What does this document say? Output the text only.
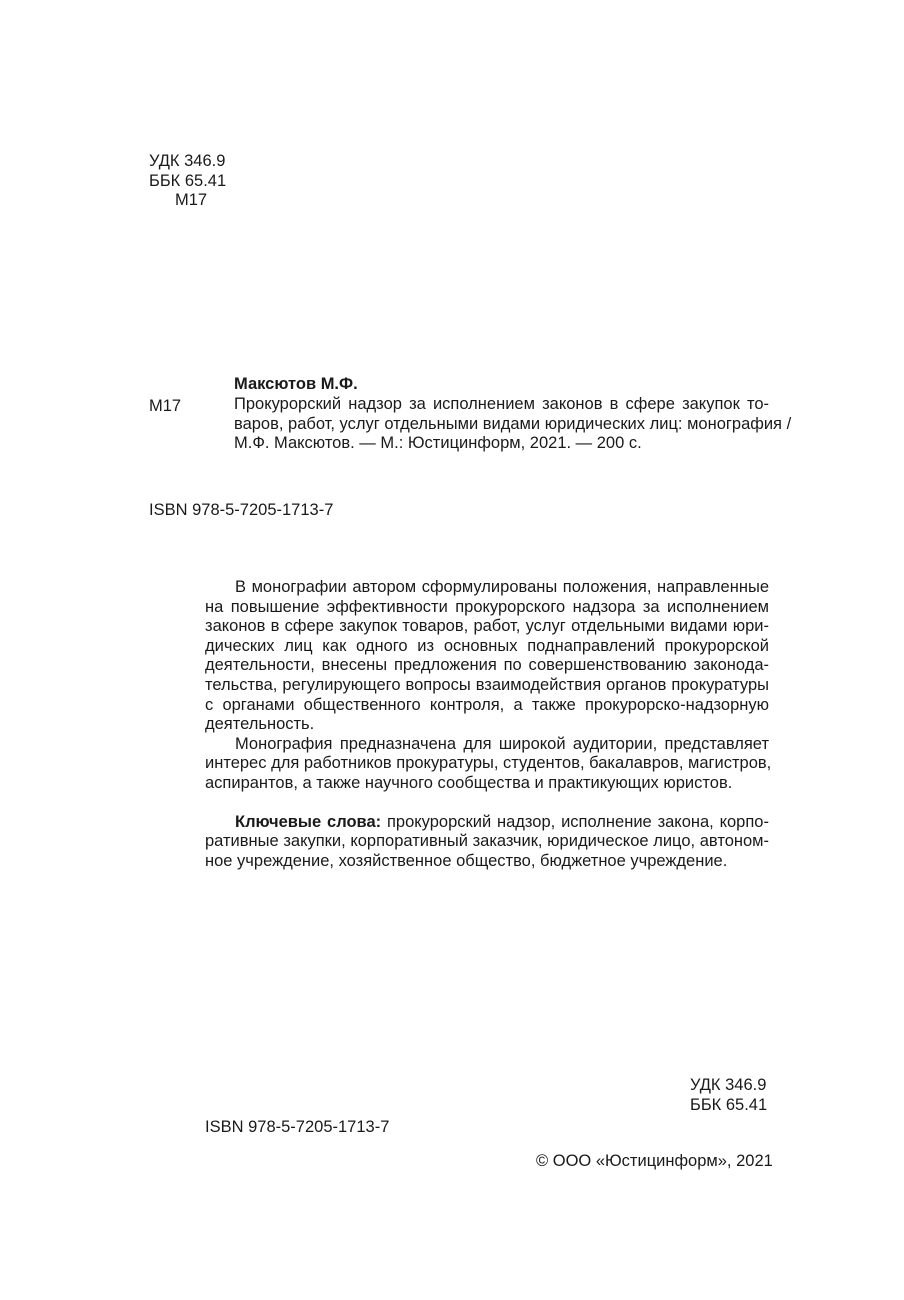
УДК 346.9
ББК 65.41
М17
Максютов М.Ф.
М17	Прокурорский надзор за исполнением законов в сфере закупок то-
варов, работ, услуг отдельными видами юридических лиц: монография /
М.Ф. Максютов. — М.: Юстицинформ, 2021. — 200 с.
ISBN 978-5-7205-1713-7
В монографии автором сформулированы положения, направленные
на повышение эффективности прокурорского надзора за исполнением
законов в сфере закупок товаров, работ, услуг отдельными видами юри-
дических лиц как одного из основных поднаправлений прокурорской
деятельности, внесены предложения по совершенствованию законода-
тельства, регулирующего вопросы взаимодействия органов прокуратуры
с органами общественного контроля, а также прокурорско-надзорную
деятельность.
Монография предназначена для широкой аудитории, представляет
интерес для работников прокуратуры, студентов, бакалавров, магистров,
аспирантов, а также научного сообщества и практикующих юристов.
Ключевые слова: прокурорский надзор, исполнение закона, корпо-
ративные закупки, корпоративный заказчик, юридическое лицо, автоном-
ное учреждение, хозяйственное общество, бюджетное учреждение.
УДК 346.9
ББК 65.41
ISBN 978-5-7205-1713-7
© ООО «Юстицинформ», 2021
